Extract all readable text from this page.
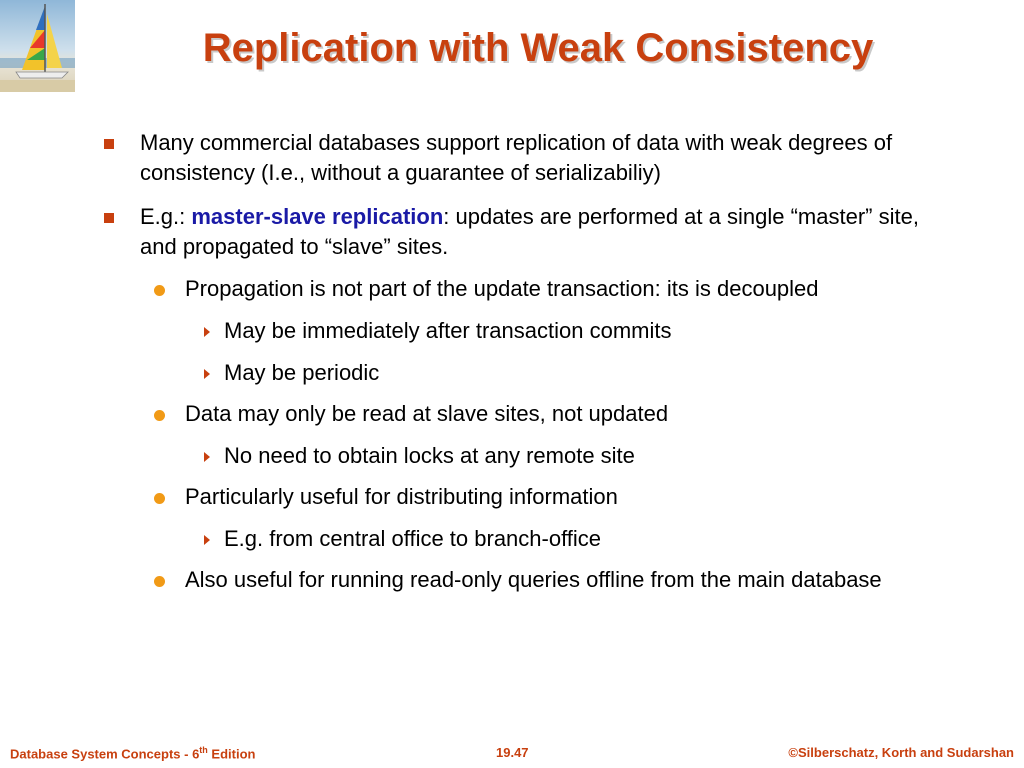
Replication with Weak Consistency
Many commercial databases support replication of data with weak degrees of consistency (I.e., without a guarantee of serializabiliy)
E.g.: master-slave replication: updates are performed at a single “master” site, and propagated to “slave” sites.
Propagation is not part of the update transaction: its is decoupled
May be immediately after transaction commits
May be periodic
Data may only be read at slave sites, not updated
No need to obtain locks at any remote site
Particularly useful for distributing information
E.g. from central office to branch-office
Also useful for running read-only queries offline from the main database
Database System Concepts - 6th Edition	19.47	©Silberschatz, Korth and Sudarshan
